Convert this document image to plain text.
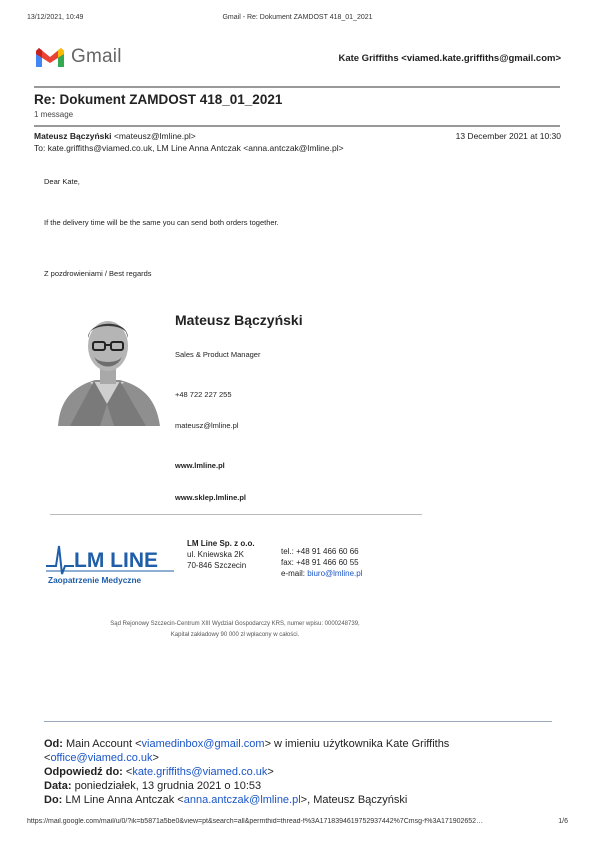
13/12/2021, 10:49	Gmail - Re: Dokument ZAMDOST 418_01_2021
Gmail	Kate Griffiths <viamed.kate.griffiths@gmail.com>
Re: Dokument ZAMDOST 418_01_2021
1 message
Mateusz Bączyński <mateusz@lmline.pl>	13 December 2021 at 10:30
To: kate.griffiths@viamed.co.uk, LM Line Anna Antczak <anna.antczak@lmline.pl>
Dear Kate,
If the delivery time will be the same you can send both orders together.
Z pozdrowieniami / Best regards
Mateusz Bączyński
Sales & Product Manager
+48 722 227 255
mateusz@lmline.pl
www.lmline.pl
www.sklep.lmline.pl
LM LINE
Zaopatrzenie Medyczne
LM Line Sp. z o.o.
ul. Kniewska 2K
70-846 Szczecin
tel.: +48 91 466 60 66
fax: +48 91 466 60 55
e-mail: biuro@lmline.pl
Sąd Rejonowy Szczecin-Centrum XIII Wydział Gospodarczy KRS, numer wpisu: 0000248739,
Kapitał zakładowy 90 000 zł wpłacony w całości.
Od: Main Account <viamedinbox@gmail.com> w imieniu użytkownika Kate Griffiths
<office@viamed.co.uk>
Odpowiedź do: <kate.griffiths@viamed.co.uk>
Data: poniedziałek, 13 grudnia 2021 o 10:53
Do: LM Line Anna Antczak <anna.antczak@lmline.pl>, Mateusz Bączyński
https://mail.google.com/mail/u/0/?ik=b5871a5be0&view=pt&search=all&permthid=thread-f%3A1718394619752937442%7Cmsg-f%3A171902652…	1/6
